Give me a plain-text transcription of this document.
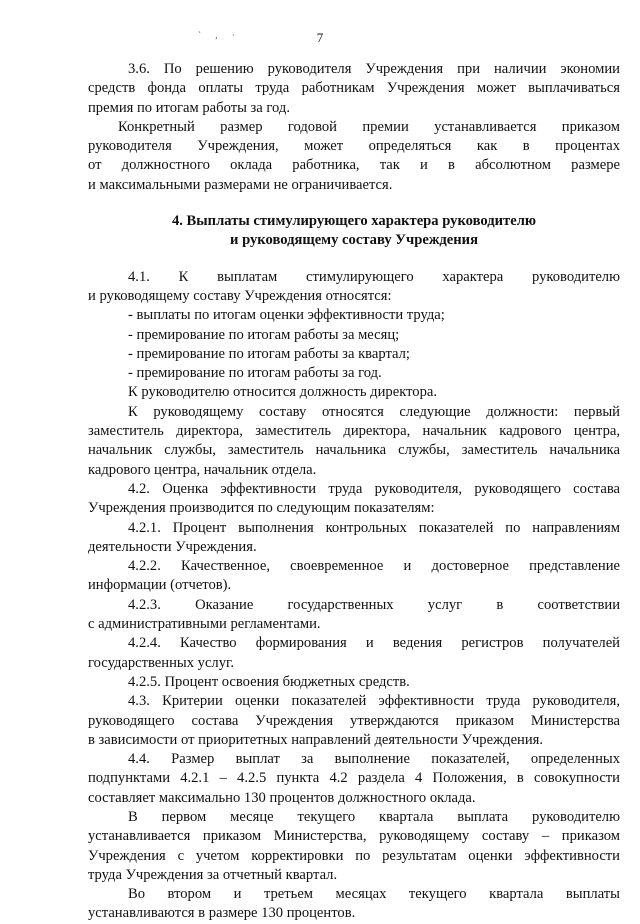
` , ·	7

3.6. По решению руководителя Учреждения при наличии экономии

средств фонда оплаты труда работникам Учреждения может выплачиваться

премия по итогам работы за год.

Конкретный размер годовой премии устанавливается приказом

руководителя Учреждения, может определяться как в процентах

от должностного оклада работника, так и в абсолютном размере

и максимальными размерами не ограничивается.

4. Выплаты стимулирующего характера руководителю

и руководящему составу Учреждения

4.1. К выплатам стимулирующего характера руководителю

и руководящему составу Учреждения относятся:

- выплаты по итогам оценки эффективности труда;

- премирование по итогам работы за месяц;

- премирование по итогам работы за квартал;

- премирование по итогам работы за год.

К руководителю относится должность директора.

К руководящему составу относятся следующие должности: первый

заместитель директора, заместитель директора, начальник кадрового центра,

начальник службы, заместитель начальника службы, заместитель начальника

кадрового центра, начальник отдела.

4.2. Оценка эффективности труда руководителя, руководящего состава

Учреждения производится по следующим показателям:

4.2.1. Процент выполнения контрольных показателей по направлениям

деятельности Учреждения.

4.2.2. Качественное, своевременное и достоверное представление

информации (отчетов).

4.2.3. Оказание государственных услуг в соответствии

с административными регламентами.

4.2.4. Качество формирования и ведения регистров получателей

государственных услуг.

4.2.5. Процент освоения бюджетных средств.

4.3. Критерии оценки показателей эффективности труда руководителя,

руководящего состава Учреждения утверждаются приказом Министерства

в зависимости от приоритетных направлений деятельности Учреждения.

4.4. Размер выплат за выполнение показателей, определенных

подпунктами 4.2.1 – 4.2.5 пункта 4.2 раздела 4 Положения, в совокупности

составляет максимально 130 процентов должностного оклада.

В первом месяце текущего квартала выплата руководителю

устанавливается приказом Министерства, руководящему составу – приказом

Учреждения с учетом корректировки по результатам оценки эффективности

труда Учреждения за отчетный квартал.

Во втором и третьем месяцах текущего квартала выплаты

устанавливаются в размере 130 процентов.
